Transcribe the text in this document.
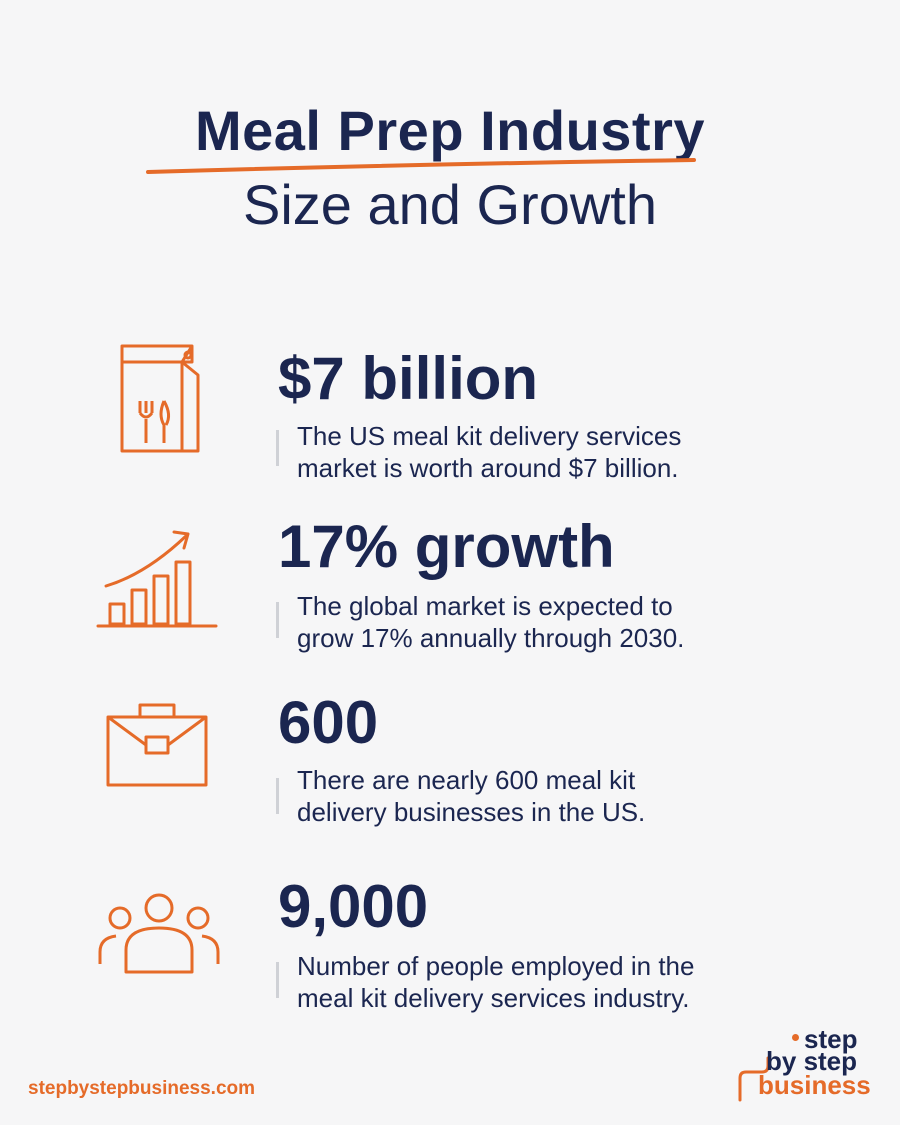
Meal Prep Industry
Size and Growth
$7 billion
The US meal kit delivery services
market is worth around $7 billion.
17% growth
The global market is expected to
grow 17% annually through 2030.
600
There are nearly 600 meal kit
delivery businesses in the US.
9,000
Number of people employed in the
meal kit delivery services industry.
stepbystepbusiness.com
step
by step
business
